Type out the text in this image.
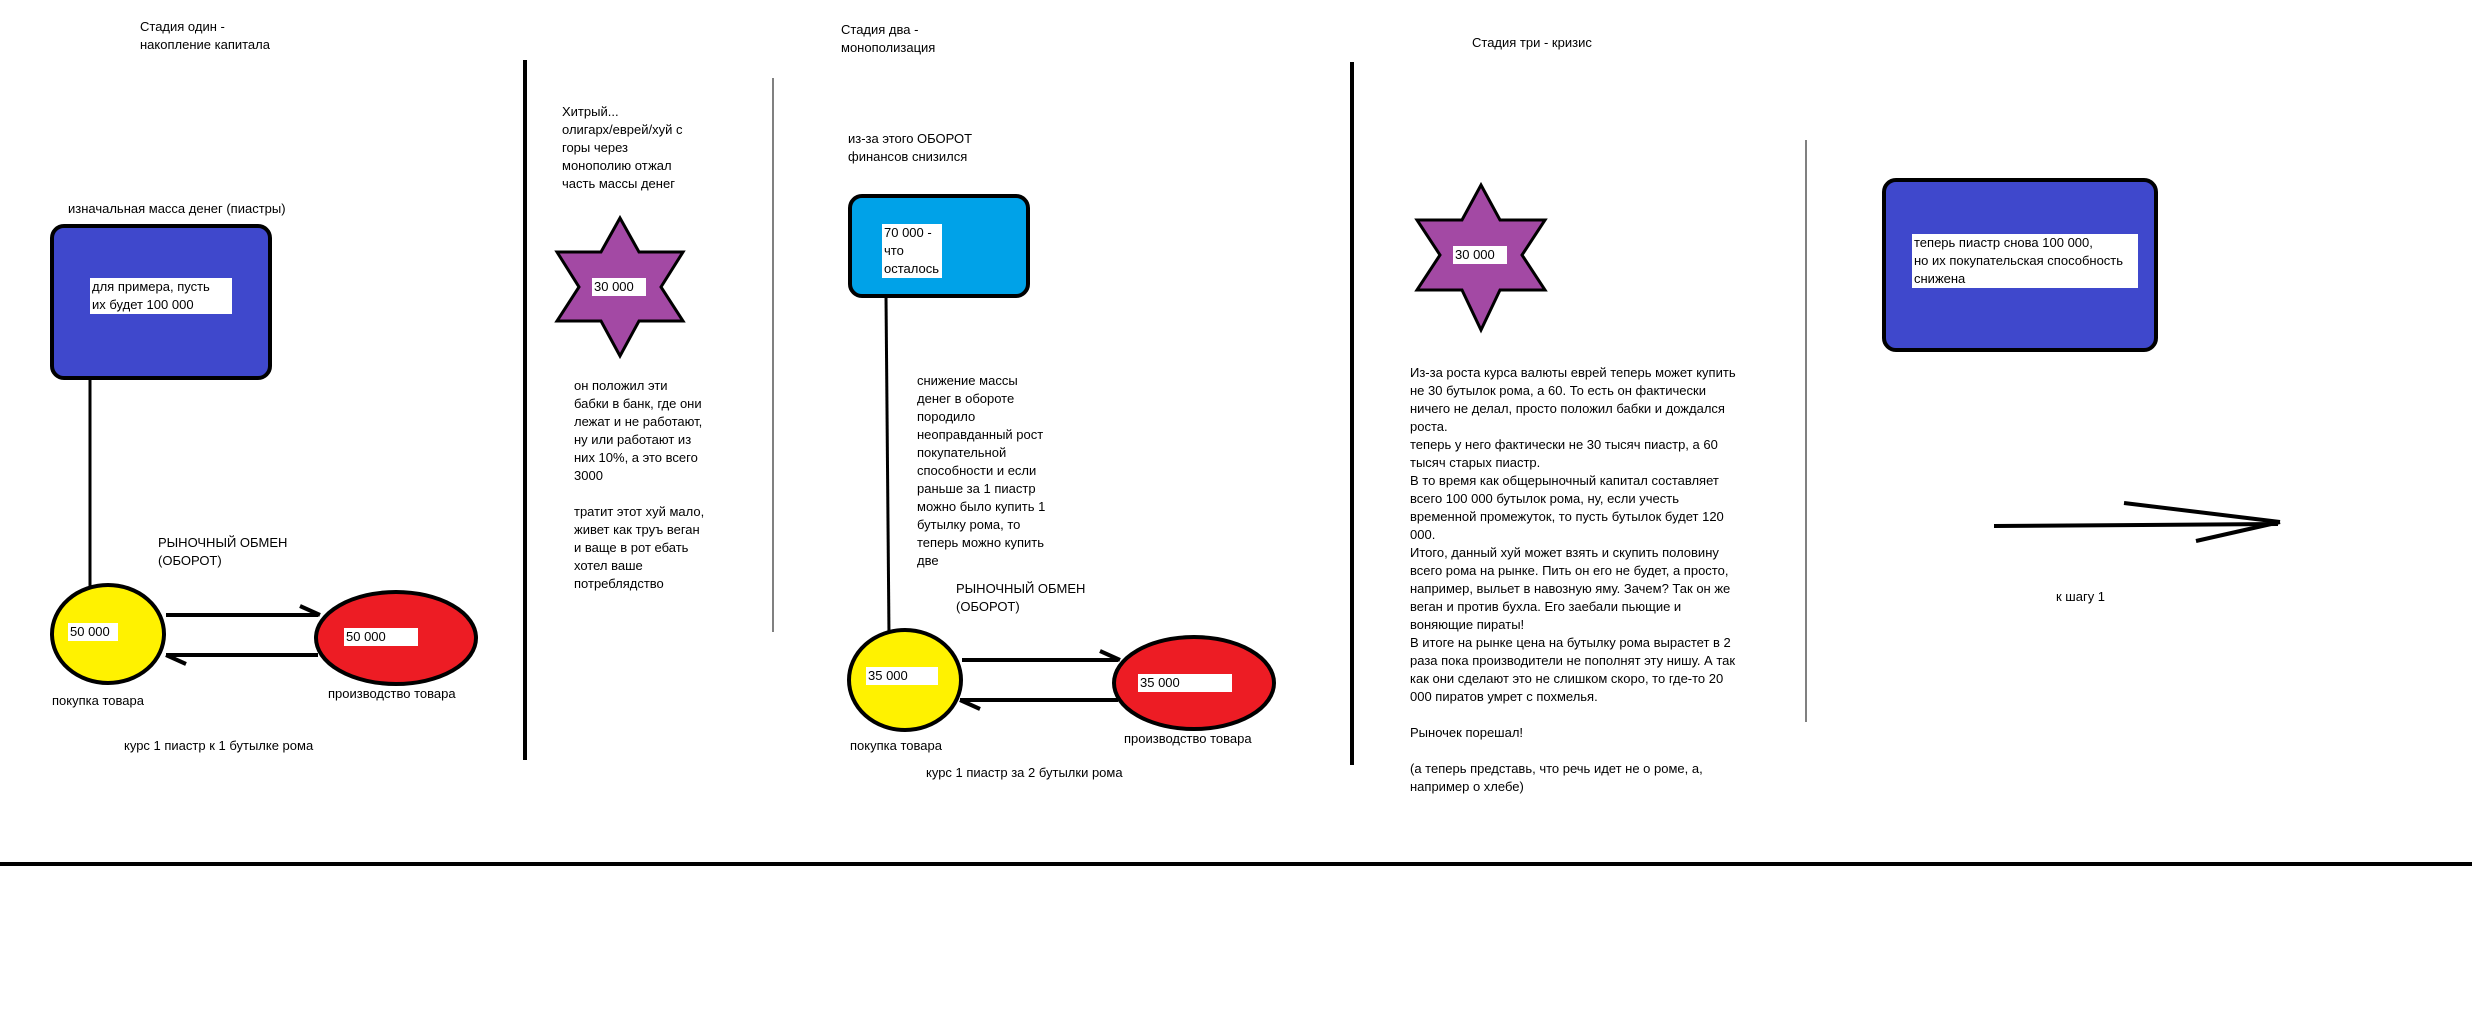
Стадия один -
накопление капитала
изначальная масса денег (пиастры)
для примера, пусть
их будет 100 000
РЫНОЧНЫЙ ОБМЕН
(ОБОРОТ)
50 000	50 000
покупка товара	производство товара
курс 1 пиастр к 1 бутылке рома
Хитрый...
олигарх/еврей/хуй с
горы через
монополию отжал
часть массы денег
30 000
он положил эти
бабки в банк, где они
лежат и не работают,
ну или работают из
них 10%, а это всего
3000

тратит этот хуй мало,
живет как труъ веган
и ваще в рот ебать
хотел ваше
потреблядство
Стадия два -
монополизация
из-за этого ОБОРОТ
финансов снизился
70 000 -
что
осталось
снижение массы
денег в обороте
породило
неоправданный рост
покупательной
способности и если
раньше за 1 пиастр
можно было купить 1
бутылку рома, то
теперь можно купить
две
РЫНОЧНЫЙ ОБМЕН
(ОБОРОТ)
35 000	35 000
покупка товара	производство товара
курс 1 пиастр за 2 бутылки рома
Стадия три - кризис
30 000
Из-за роста курса валюты еврей теперь может купить
не 30 бутылок рома, а 60. То есть он фактически
ничего не делал, просто положил бабки и дождался
роста.
теперь у него фактически не 30 тысяч пиастр, а 60
тысяч старых пиастр.
В то время как общерыночный капитал составляет
всего 100 000 бутылок рома, ну, если учесть
временной промежуток, то пусть бутылок будет 120
000.
Итого, данный хуй может взять и скупить половину
всего рома на рынке. Пить он его не будет, а просто,
например, выльет в навозную яму. Зачем? Так он же
веган и против бухла. Его заебали пьющие и
воняющие пираты!
В итоге на рынке цена на бутылку рома вырастет в 2
раза пока производители не пополнят эту нишу. А так
как они сделают это не слишком скоро, то где-то 20
000 пиратов умрет с похмелья.

Рыночек порешал!

(а теперь представь, что речь идет не о роме, а,
например о хлебе)
теперь пиастр снова 100 000,
но их покупательская способность
снижена
к шагу 1
